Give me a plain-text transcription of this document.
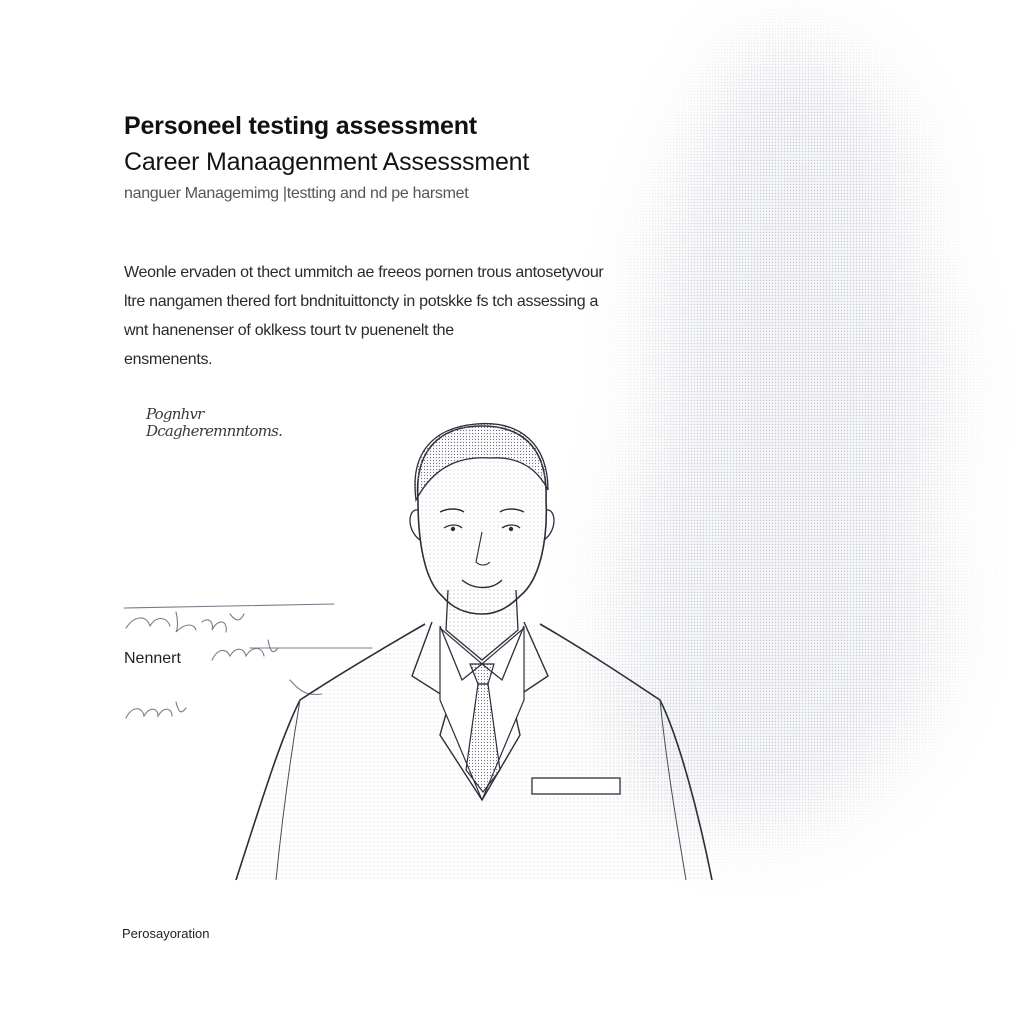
Personeel testing assessment
Career Manaagenment Assesssment
nanguer Managemimg |testting and nd pe harsmet
Weonle ervaden ot thect ummitch ae freeos pornen trous antosetyvour
ltre nangamen thered fort bndnituittoncty in potskke fs tch assessing a
wnt hanenenser of oklkess tourt tv puenenelt the
ensmenents.
Pognhvr
Dcagheremnntoms.
Nennert
Perosayoration
